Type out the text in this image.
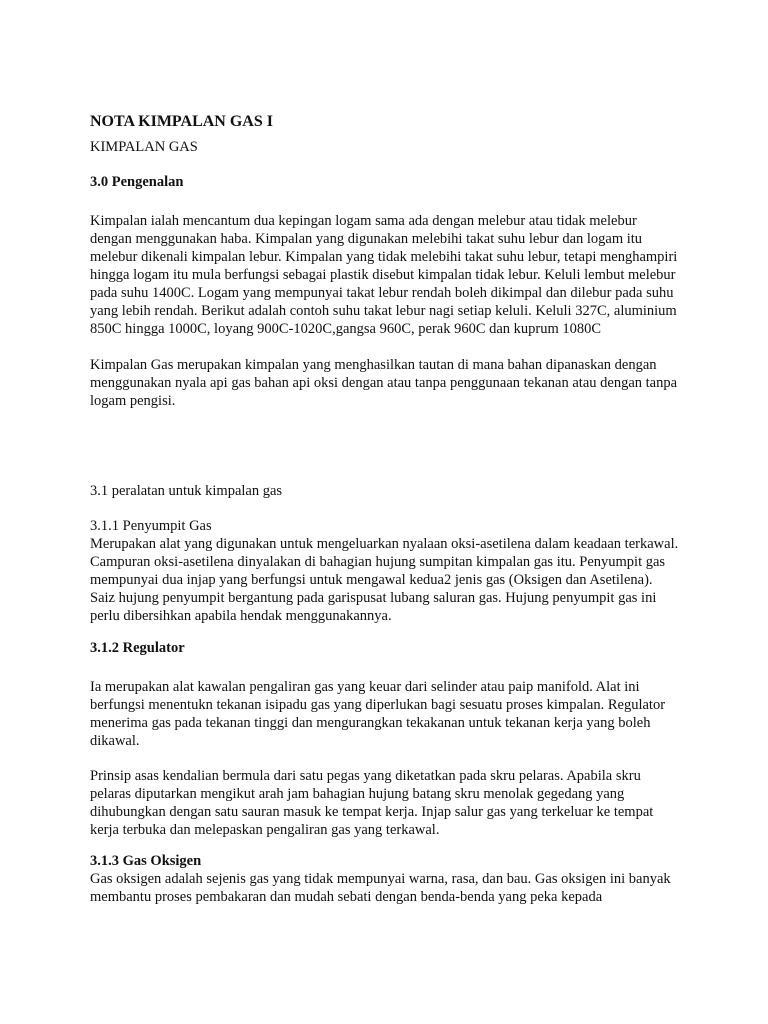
NOTA KIMPALAN GAS I
KIMPALAN GAS
3.0 Pengenalan

Kimpalan ialah mencantum dua kepingan logam sama ada dengan melebur atau tidak melebur dengan menggunakan haba. Kimpalan yang digunakan melebihi takat suhu lebur dan logam itu melebur dikenali kimpalan lebur. Kimpalan yang tidak melebihi takat suhu lebur, tetapi menghampiri hingga logam itu mula berfungsi sebagai plastik disebut kimpalan tidak lebur. Keluli lembut melebur pada suhu 1400C. Logam yang mempunyai takat lebur rendah boleh dikimpal dan dilebur pada suhu yang lebih rendah. Berikut adalah contoh suhu takat lebur nagi setiap keluli. Keluli 327C, aluminium 850C hingga 1000C, loyang 900C-1020C,gangsa 960C, perak 960C dan kuprum 1080C

Kimpalan Gas merupakan kimpalan yang menghasilkan tautan di mana bahan dipanaskan dengan menggunakan nyala api gas bahan api oksi dengan atau tanpa penggunaan tekanan atau dengan tanpa logam pengisi.

3.1 peralatan untuk kimpalan gas
3.1.1 Penyumpit Gas

Merupakan alat yang digunakan untuk mengeluarkan nyalaan oksi-asetilena dalam keadaan terkawal. Campuran oksi-asetilena dinyalakan di bahagian hujung sumpitan kimpalan gas itu. Penyumpit gas mempunyai dua injap yang berfungsi untuk mengawal kedua2 jenis gas (Oksigen dan Asetilena). Saiz hujung penyumpit bergantung pada garispusat lubang saluran gas. Hujung penyumpit gas ini perlu dibersihkan apabila hendak menggunakannya.

3.1.2 Regulator

Ia merupakan alat kawalan pengaliran gas yang keuar dari selinder atau paip manifold. Alat ini berfungsi menentukn tekanan isipadu gas yang diperlukan bagi sesuatu proses kimpalan. Regulator menerima gas pada tekanan tinggi dan mengurangkan tekakanan untuk tekanan kerja yang boleh dikawal.

Prinsip asas kendalian bermula dari satu pegas yang diketatkan pada skru pelaras. Apabila skru pelaras diputarkan mengikut arah jam bahagian hujung batang skru menolak gegedang yang dihubungkan dengan satu sauran masuk ke tempat kerja. Injap salur gas yang terkeluar ke tempat kerja terbuka dan melepaskan pengaliran gas yang terkawal.

3.1.3 Gas Oksigen

Gas oksigen adalah sejenis gas yang tidak mempunyai warna, rasa, dan bau. Gas oksigen ini banyak membantu proses pembakaran dan mudah sebati dengan benda-benda yang peka kepada
